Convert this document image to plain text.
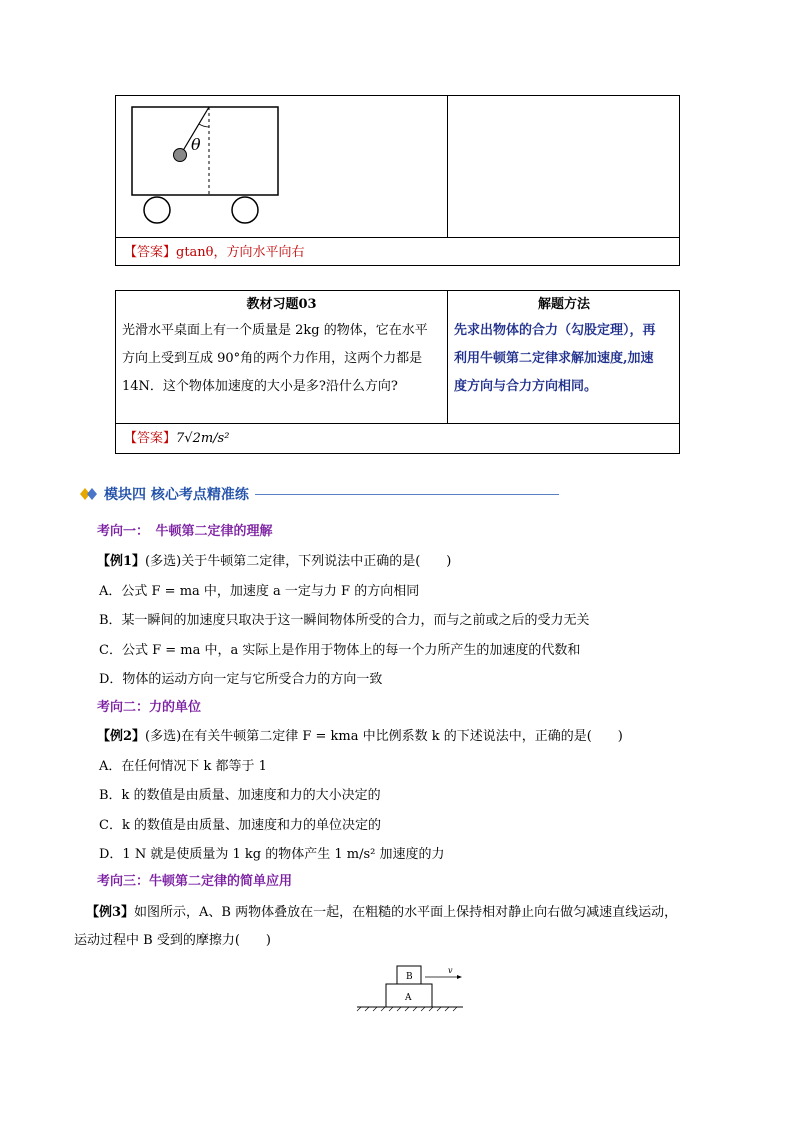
θ
【答案】gtanθ，方向水平向右
教材习题03	解题方法
光滑水平桌面上有一个质量是 2kg 的物体，它在水平
方向上受到互成 90°角的两个力作用，这两个力都是
14N．这个物体加速度的大小是多?沿什么方向?
先求出物体的合力（勾股定理），再
利用牛顿第二定律求解加速度,加速
度方向与合力方向相同。
【答案】7√2m/s²
模块四 核心考点精准练
考向一：　牛顿第二定律的理解
【例1】(多选)关于牛顿第二定律，下列说法中正确的是(　　)
A．公式 F = ma 中，加速度 a 一定与力 F 的方向相同
B．某一瞬间的加速度只取决于这一瞬间物体所受的合力，而与之前或之后的受力无关
C．公式 F = ma 中，a 实际上是作用于物体上的每一个力所产生的加速度的代数和
D．物体的运动方向一定与它所受合力的方向一致
考向二：力的单位
【例2】(多选)在有关牛顿第二定律 F = kma 中比例系数 k 的下述说法中，正确的是(　　)
A．在任何情况下 k 都等于 1
B．k 的数值是由质量、加速度和力的大小决定的
C．k 的数值是由质量、加速度和力的单位决定的
D．1 N 就是使质量为 1 kg 的物体产生 1 m/s² 加速度的力
考向三：牛顿第二定律的简单应用
【例3】如图所示，A、B 两物体叠放在一起，在粗糙的水平面上保持相对静止向右做匀减速直线运动，
运动过程中 B 受到的摩擦力(　　)
B
A
v
